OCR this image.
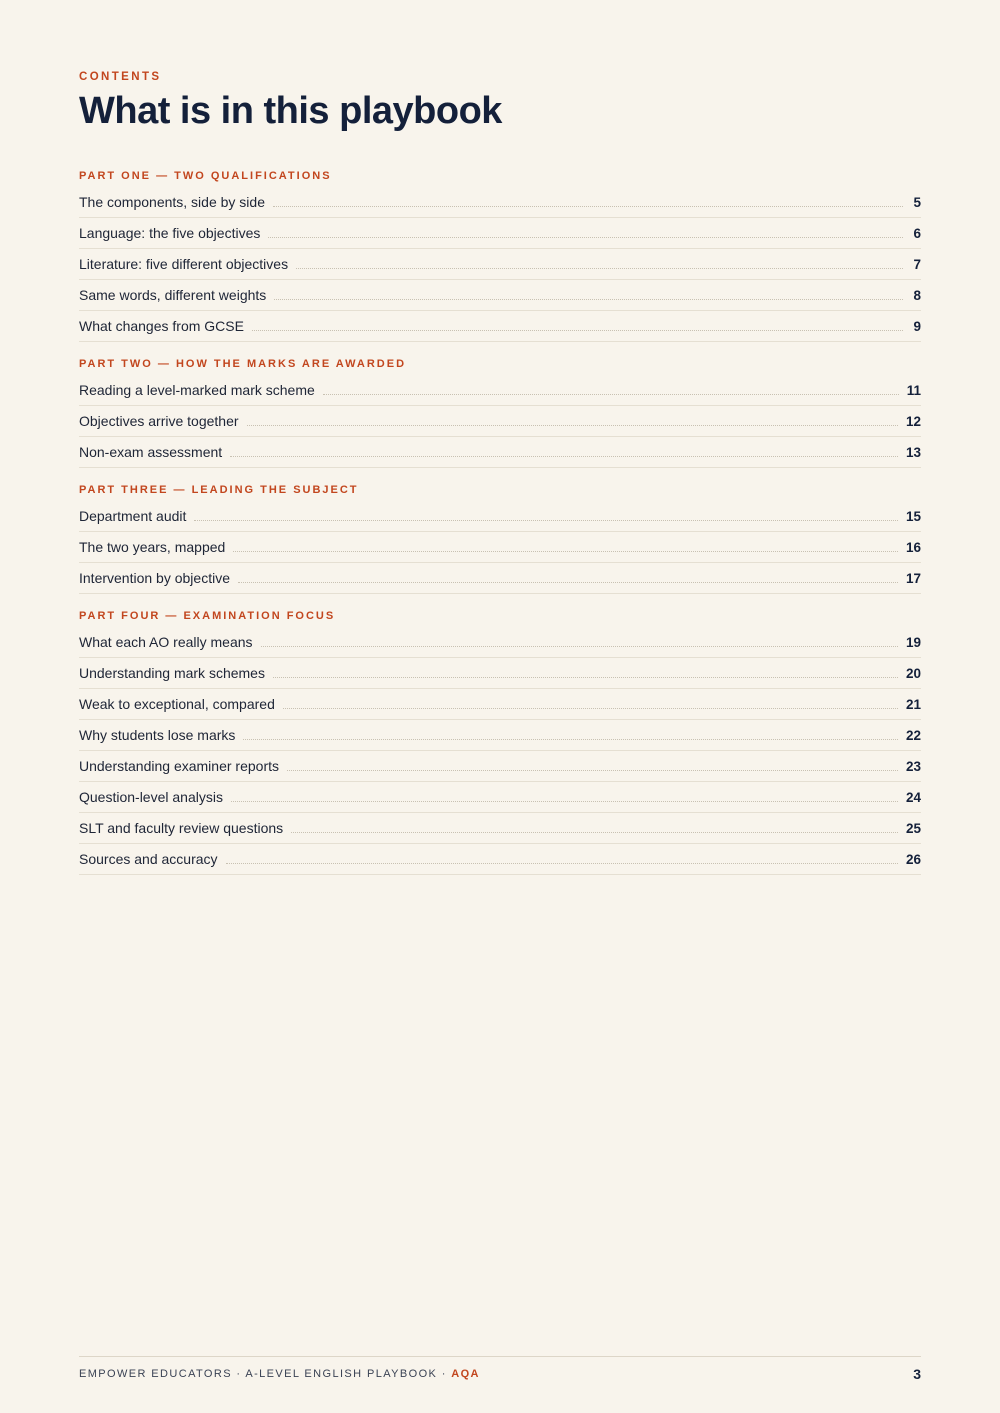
CONTENTS
What is in this playbook
PART ONE — TWO QUALIFICATIONS
The components, side by side	5
Language: the five objectives	6
Literature: five different objectives	7
Same words, different weights	8
What changes from GCSE	9
PART TWO — HOW THE MARKS ARE AWARDED
Reading a level-marked mark scheme	11
Objectives arrive together	12
Non-exam assessment	13
PART THREE — LEADING THE SUBJECT
Department audit	15
The two years, mapped	16
Intervention by objective	17
PART FOUR — EXAMINATION FOCUS
What each AO really means	19
Understanding mark schemes	20
Weak to exceptional, compared	21
Why students lose marks	22
Understanding examiner reports	23
Question-level analysis	24
SLT and faculty review questions	25
Sources and accuracy	26
EMPOWER EDUCATORS · A-LEVEL ENGLISH PLAYBOOK · AQA	3
